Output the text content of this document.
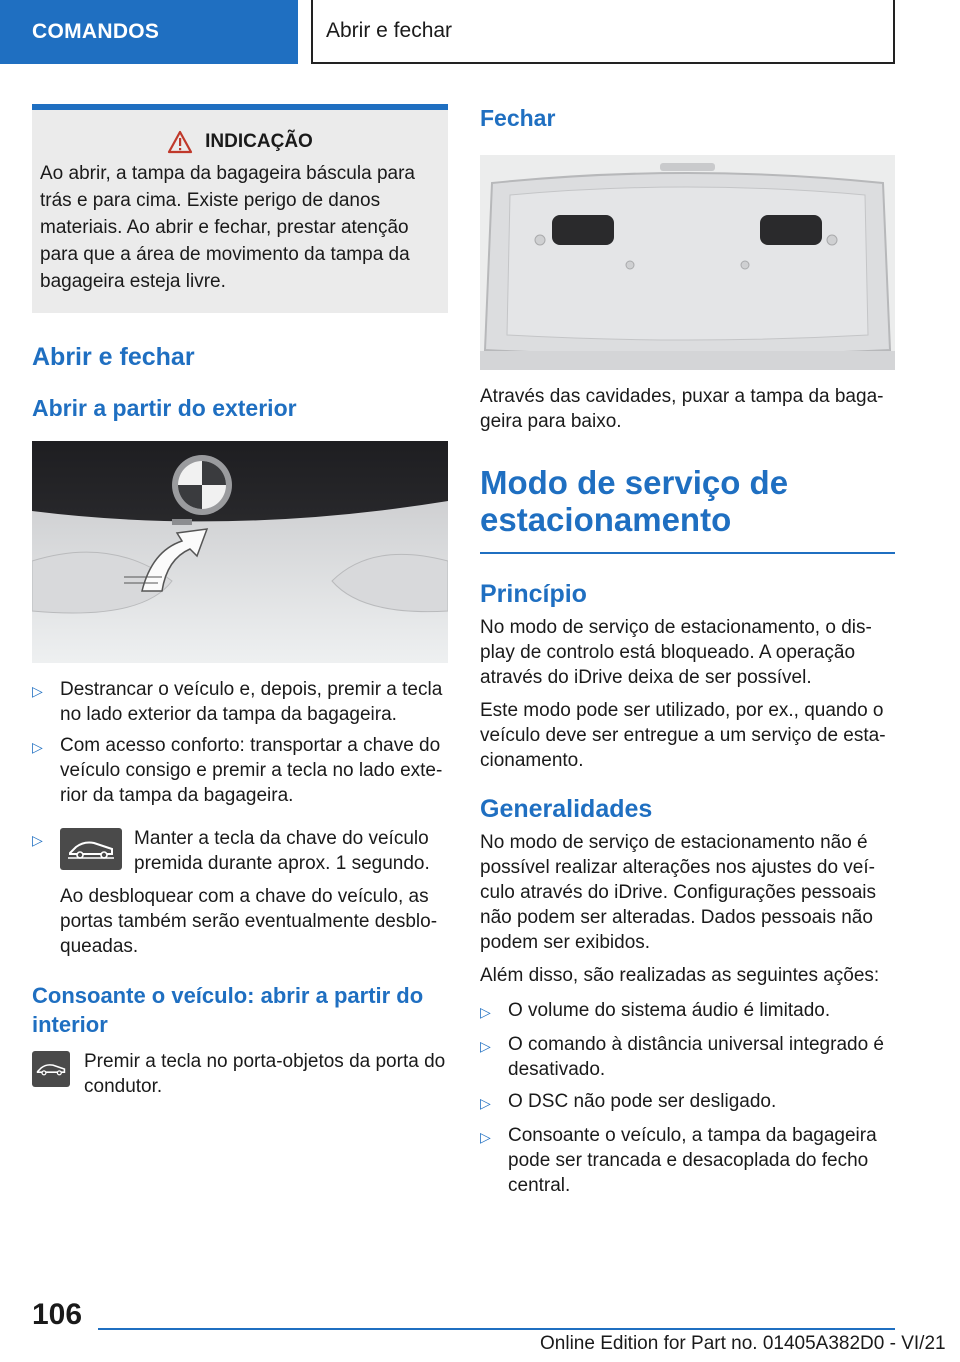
COMANDOS	Abrir e fechar
INDICAÇÃO
Ao abrir, a tampa da bagageira báscula para trás e para cima. Existe perigo de danos materiais. Ao abrir e fechar, prestar atenção para que a área de movimento da tampa da bagageira esteja livre.
Abrir e fechar
Abrir a partir do exterior
▷ Destrancar o veículo e, depois, premir a tecla no lado exterior da tampa da bagageira.
▷ Com acesso conforto: transportar a chave do veículo consigo e premir a tecla no lado exterior da tampa da bagageira.
▷	Manter a tecla da chave do veículo premida durante aprox. 1 segundo.
Ao desbloquear com a chave do veículo, as portas também serão eventualmente desbloqueadas.
Consoante o veículo: abrir a partir do interior
Premir a tecla no porta-objetos da porta do condutor.
Fechar

Através das cavidades, puxar a tampa da bagageira para baixo.

Modo de serviço de estacionamento
Princípio

No modo de serviço de estacionamento, o display de controlo está bloqueado. A operação através do iDrive deixa de ser possível.

Este modo pode ser utilizado, por ex., quando o veículo deve ser entregue a um serviço de estacionamento.

Generalidades

No modo de serviço de estacionamento não é possível realizar alterações nos ajustes do veículo através do iDrive. Configurações pessoais não podem ser alteradas. Dados pessoais não podem ser exibidos.

Além disso, são realizadas as seguintes ações:

▷ O volume do sistema áudio é limitado.
▷ O comando à distância universal integrado é desativado.
▷ O DSC não pode ser desligado.
▷ Consoante o veículo, a tampa da bagageira pode ser trancada e desacoplada do fecho central.
106
Online Edition for Part no. 01405A382D0 - VI/21
